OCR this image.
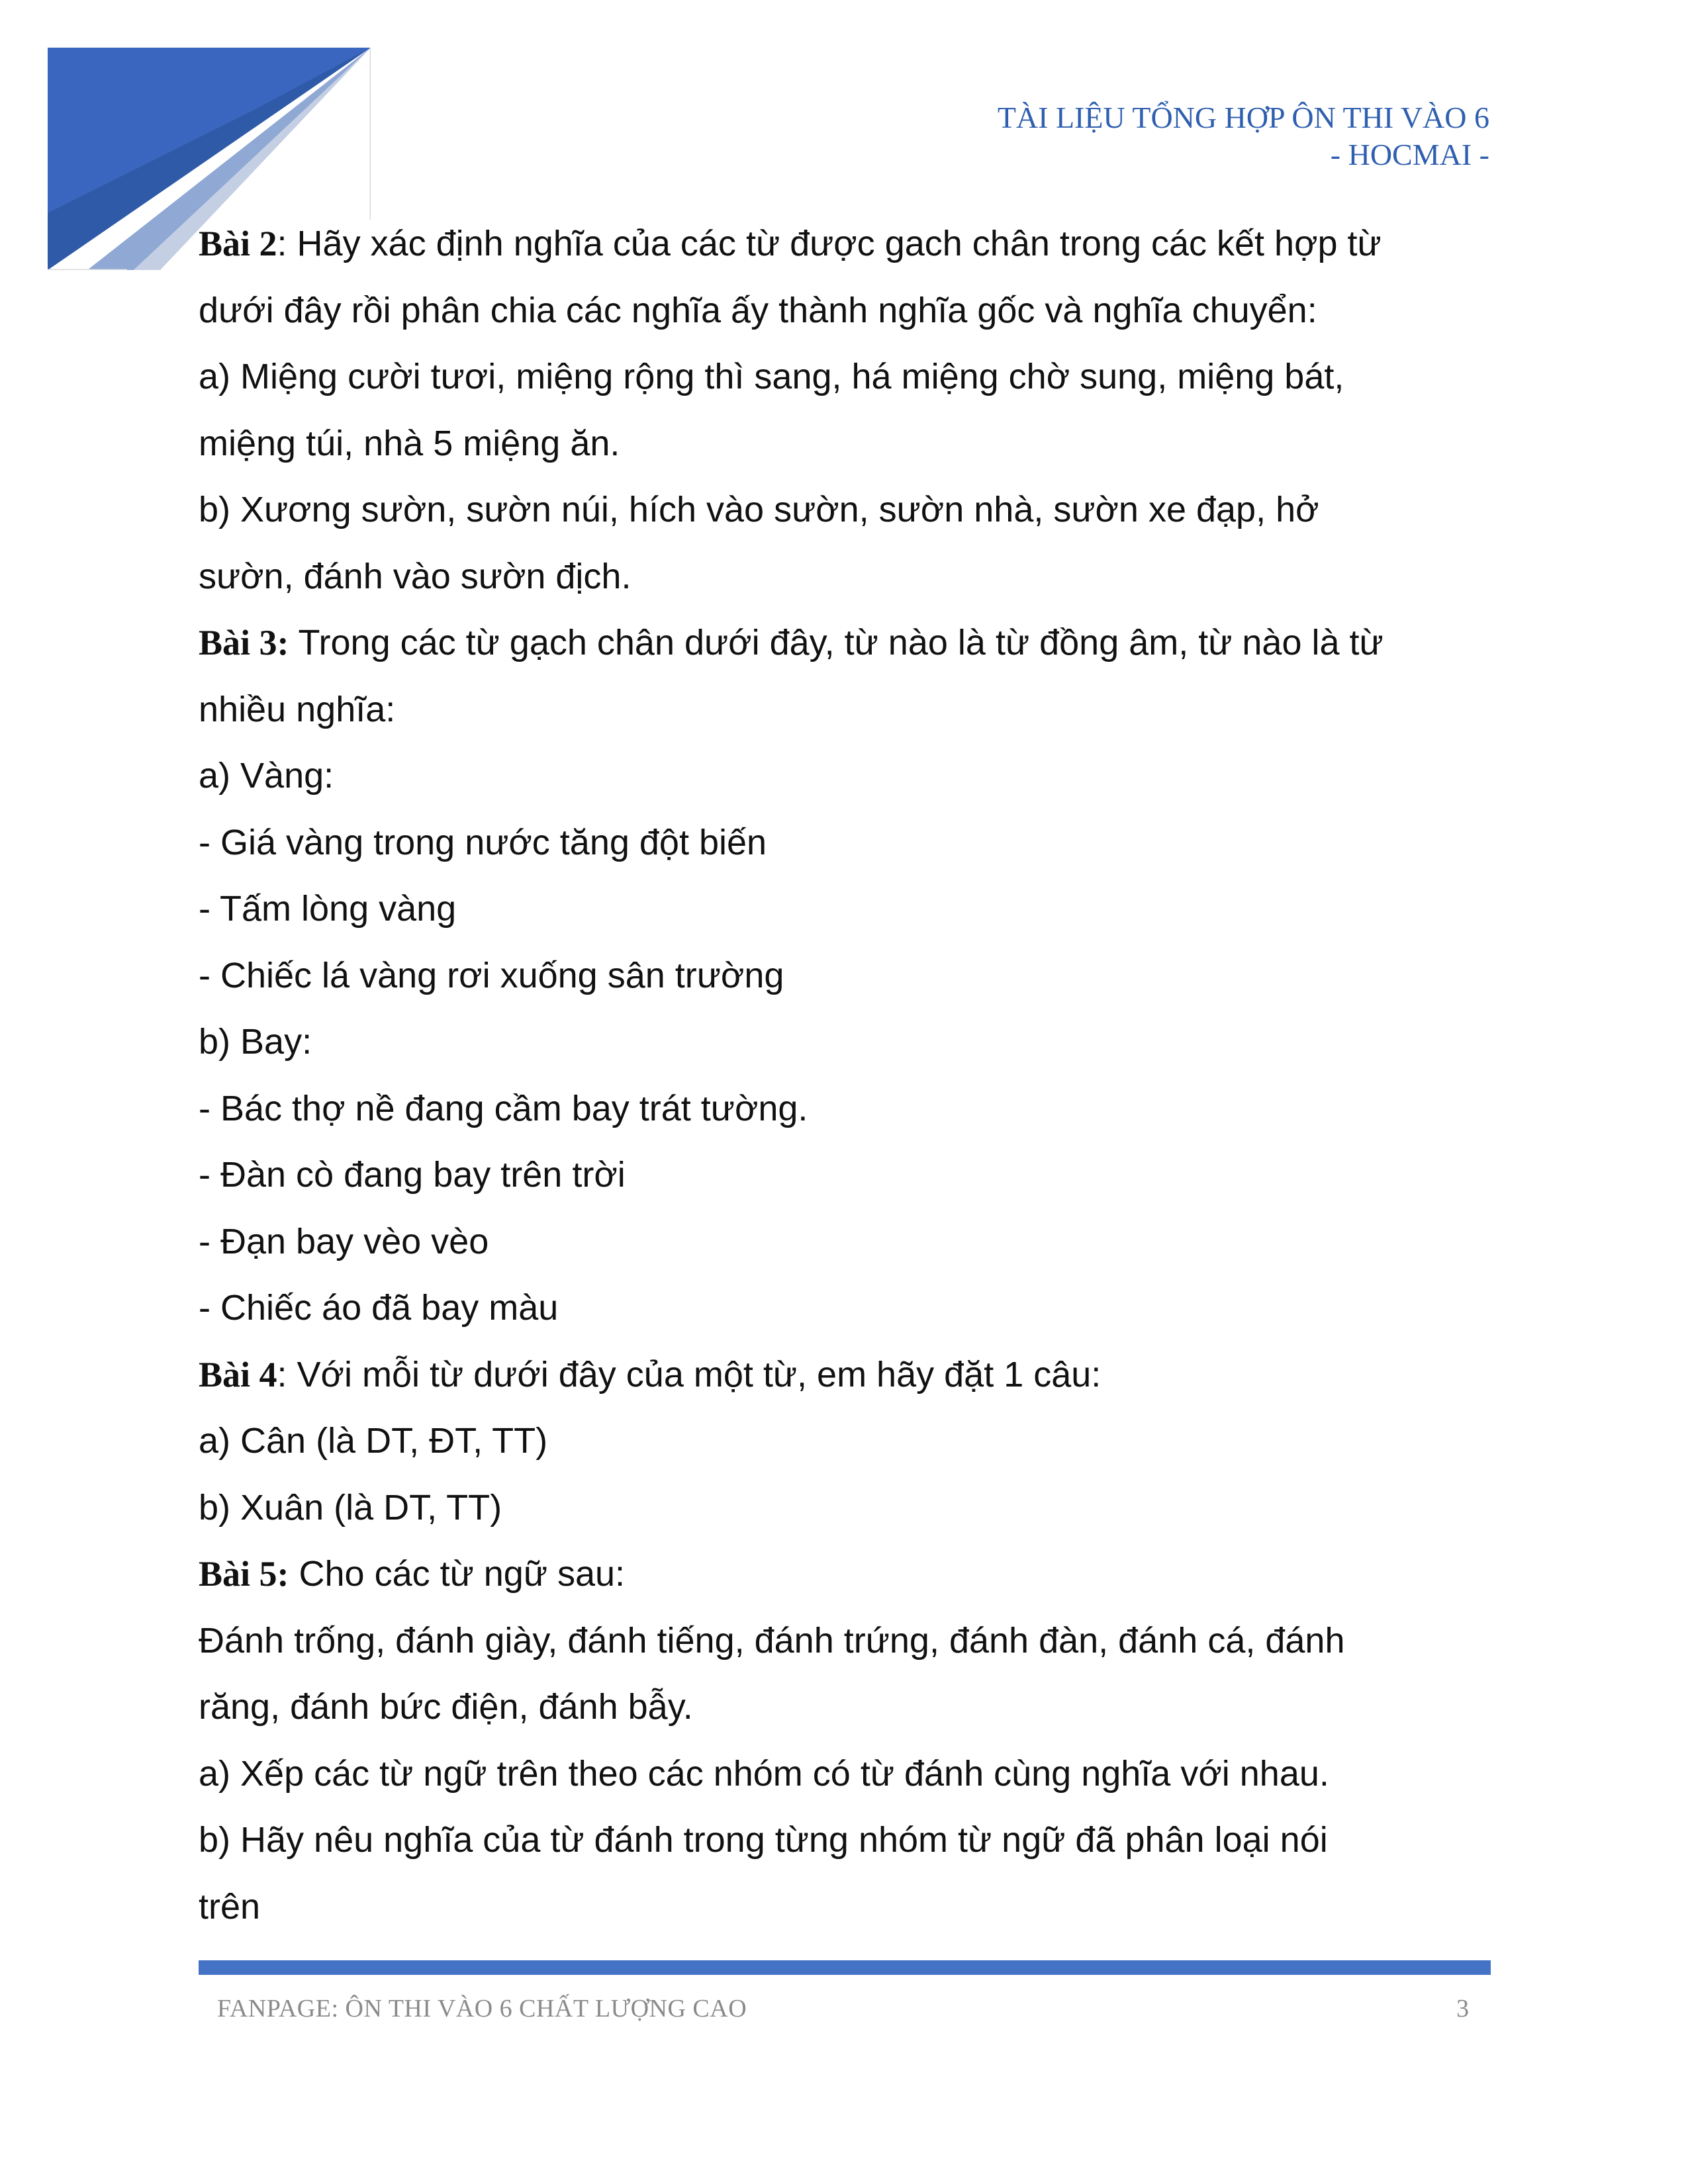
TÀI LIỆU TỔNG HỢP ÔN THI VÀO 6
- HOCMAI -
Bài 2: Hãy xác định nghĩa của các từ được gach chân trong các kết hợp từ
dưới đây rồi phân chia các nghĩa ấy thành nghĩa gốc và nghĩa chuyển:
a) Miệng cười tươi, miệng rộng thì sang, há miệng chờ sung, miệng bát,
miệng túi, nhà 5 miệng ăn.
b) Xương sườn, sườn núi, hích vào sườn, sườn nhà, sườn xe đạp, hở
sườn, đánh vào sườn địch.
Bài 3: Trong các từ gạch chân dưới đây, từ nào là từ đồng âm, từ nào là từ
nhiều nghĩa:
a) Vàng:
- Giá vàng trong nước tăng đột biến
- Tấm lòng vàng
- Chiếc lá vàng rơi xuống sân trường
b) Bay:
- Bác thợ nề đang cầm bay trát tường.
- Đàn cò đang bay trên trời
- Đạn bay vèo vèo
- Chiếc áo đã bay màu
Bài 4: Với mỗi từ dưới đây của một từ, em hãy đặt 1 câu:
a) Cân (là DT, ĐT, TT)
b) Xuân (là DT, TT)
Bài 5: Cho các từ ngữ sau:
Đánh trống, đánh giày, đánh tiếng, đánh trứng, đánh đàn, đánh cá, đánh
răng, đánh bức điện, đánh bẫy.
a) Xếp các từ ngữ trên theo các nhóm có từ đánh cùng nghĩa với nhau.
b) Hãy nêu nghĩa của từ đánh trong từng nhóm từ ngữ đã phân loại nói
trên
FANPAGE: ÔN THI VÀO 6 CHẤT LƯỢNG CAO	3
